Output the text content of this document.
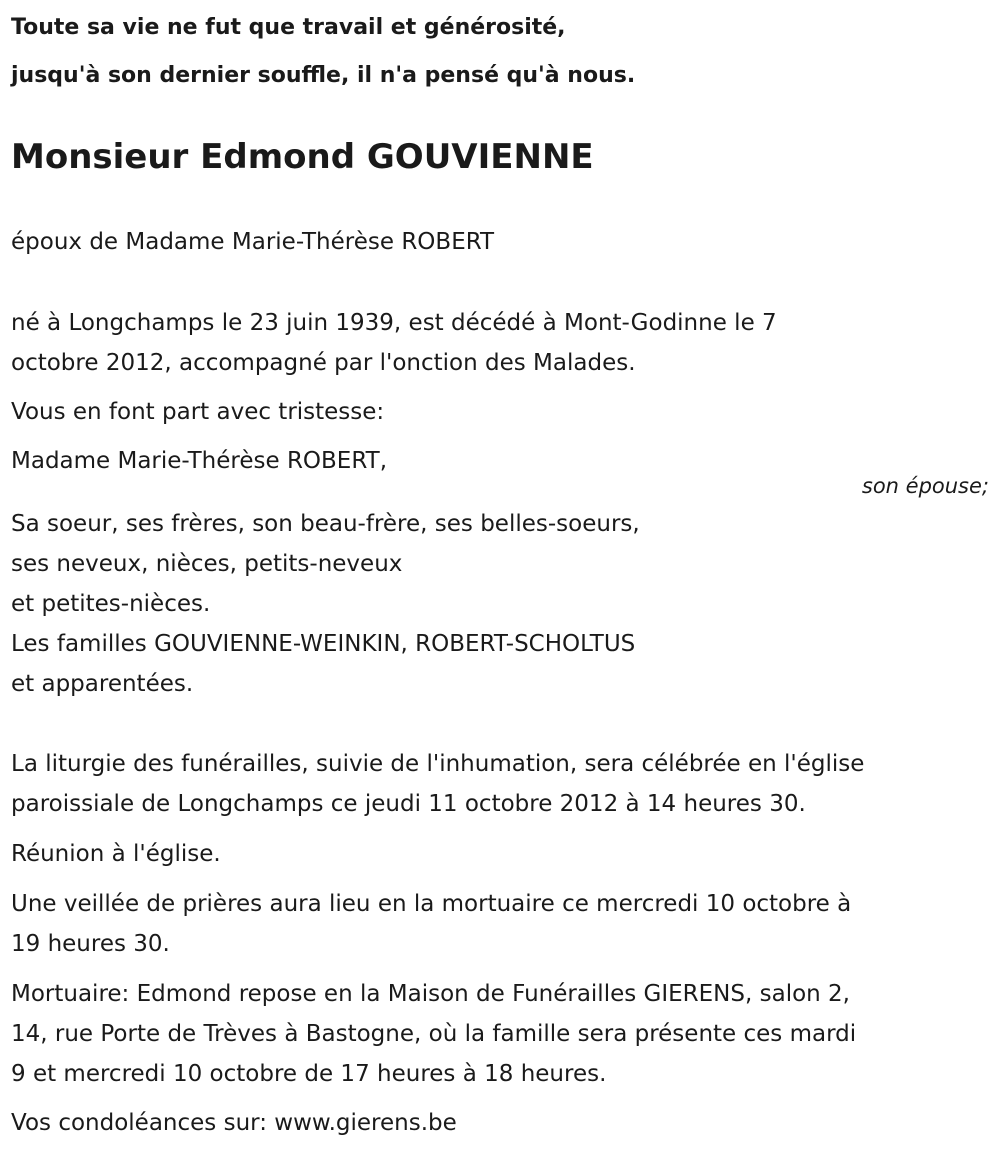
Toute sa vie ne fut que travail et générosité,
jusqu'à son dernier souffle, il n'a pensé qu'à nous.
Monsieur Edmond GOUVIENNE
époux de Madame Marie-Thérèse ROBERT
né à Longchamps le 23 juin 1939, est décédé à Mont-Godinne le 7
octobre 2012, accompagné par l'onction des Malades.
Vous en font part avec tristesse:
Madame Marie-Thérèse ROBERT,
son épouse;
Sa soeur, ses frères, son beau-frère, ses belles-soeurs,
ses neveux, nièces, petits-neveux
et petites-nièces.
Les familles GOUVIENNE-WEINKIN, ROBERT-SCHOLTUS
et apparentées.
La liturgie des funérailles, suivie de l'inhumation, sera célébrée en l'église
paroissiale de Longchamps ce jeudi 11 octobre 2012 à 14 heures 30.
Réunion à l'église.
Une veillée de prières aura lieu en la mortuaire ce mercredi 10 octobre à
19 heures 30.
Mortuaire: Edmond repose en la Maison de Funérailles GIERENS, salon 2,
14, rue Porte de Trèves à Bastogne, où la famille sera présente ces mardi
9 et mercredi 10 octobre de 17 heures à 18 heures.
Vos condoléances sur: www.gierens.be
